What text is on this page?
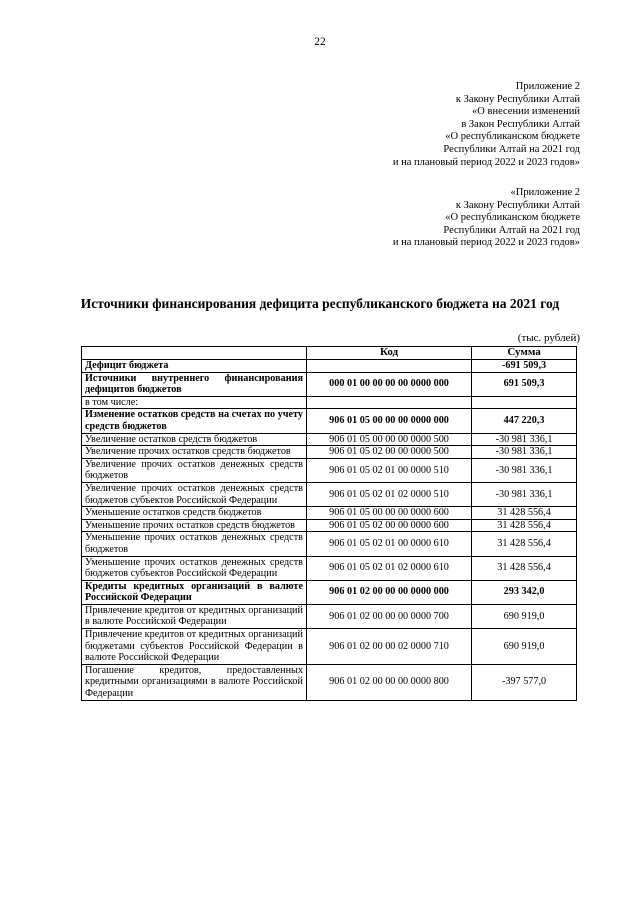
22
Приложение 2
к Закону Республики Алтай
«О внесении изменений
в Закон Республики Алтай
«О республиканском бюджете
Республики Алтай на 2021 год
и на плановый период 2022 и 2023 годов»
«Приложение 2
к Закону Республики Алтай
«О республиканском бюджете
Республики Алтай на 2021 год
и на плановый период 2022 и 2023 годов»
Источники финансирования дефицита республиканского бюджета на 2021 год
(тыс. рублей)
	Код	Сумма
Дефицит бюджета		-691 509,3
Источники внутреннего финансирования дефицитов бюджетов	000 01 00 00 00 00 0000 000	691 509,3
в том числе:		
Изменение остатков средств на счетах по учету средств бюджетов	906 01 05 00 00 00 0000 000	447 220,3
Увеличение остатков средств бюджетов	906 01 05 00 00 00 0000 500	-30 981 336,1
Увеличение прочих остатков средств бюджетов	906 01 05 02 00 00 0000 500	-30 981 336,1
Увеличение прочих остатков денежных средств бюджетов	906 01 05 02 01 00 0000 510	-30 981 336,1
Увеличение прочих остатков денежных средств бюджетов субъектов Российской Федерации	906 01 05 02 01 02 0000 510	-30 981 336,1
Уменьшение остатков средств бюджетов	906 01 05 00 00 00 0000 600	31 428 556,4
Уменьшение прочих остатков средств бюджетов	906 01 05 02 00 00 0000 600	31 428 556,4
Уменьшение прочих остатков денежных средств бюджетов	906 01 05 02 01 00 0000 610	31 428 556,4
Уменьшение прочих остатков денежных средств бюджетов субъектов Российской Федерации	906 01 05 02 01 02 0000 610	31 428 556,4
Кредиты кредитных организаций в валюте Российской Федерации	906 01 02 00 00 00 0000 000	293 342,0
Привлечение кредитов от кредитных организаций в валюте Российской Федерации	906 01 02 00 00 00 0000 700	690 919,0
Привлечение кредитов от кредитных организаций бюджетами субъектов Российской Федерации в валюте Российской Федерации	906 01 02 00 00 02 0000 710	690 919,0
Погашение кредитов, предоставленных кредитными организациями в валюте Российской Федерации	906 01 02 00 00 00 0000 800	-397 577,0
